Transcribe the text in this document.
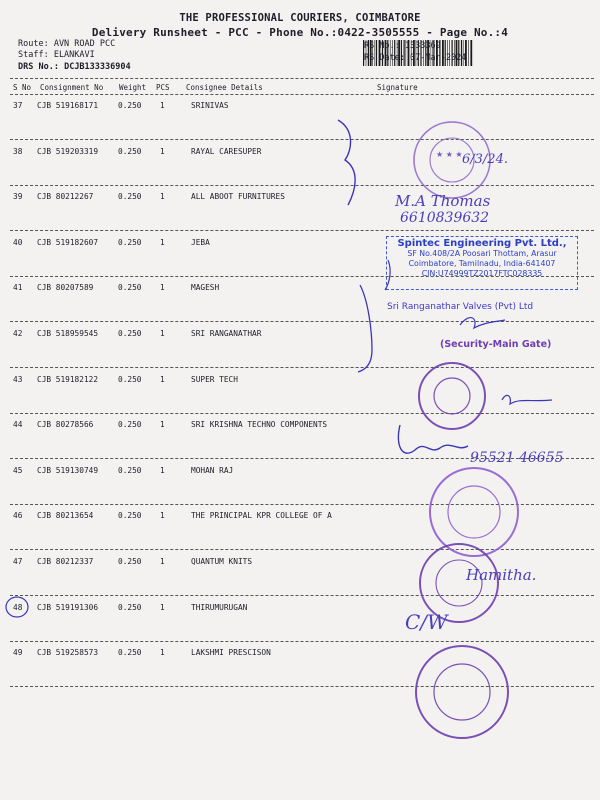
THE PROFESSIONAL COURIERS, COIMBATORE
Delivery Runsheet - PCC - Phone No.:0422-3505555 - Page No.:4
Route: AVN ROAD PCC
Staff: ELANKAVI
DRS No.: DCJB133336904
RS No.: 1333369
RS Date: 07-Mar-2024
S No Consignment No Weight PCS Consignee Details	Signature
37 CJB 519168171	0.250 1	SRINIVAS
38 CJB 519203319	0.250 1	RAYAL CARESUPER
39 CJB 80212267	0.250 1	ALL ABOOT FURNITURES
40 CJB 519182607	0.250 1	JEBA
41 CJB 80207589	0.250 1	MAGESH
42 CJB 518959545	0.250 1	SRI RANGANATHAR
43 CJB 519182122	0.250 1	SUPER TECH
44 CJB 80278566	0.250 1	SRI KRISHNA TECHNO COMPONENTS
45 CJB 519130749	0.250 1	MOHAN RAJ
46 CJB 80213654	0.250 1	THE PRINCIPAL KPR COLLEGE OF A
47 CJB 80212337	0.250 1	QUANTUM KNITS
48 CJB 519191306	0.250 1	THIRUMURUGAN
49 CJB 519258573	0.250 1	LAKSHMI PRESCISON
★ ★ ★ 6/3/24.
M.A Thomas
6610839632
Spintec Engineering Pvt. Ltd.,
SF No.408/2A Poosari Thottam, Arasur
Coimbatore, Tamilnadu, India-641407
CIN:U74999TZ2017FTC028335
Sri Ranganathar Valves (Pvt) Ltd
(Security-Main Gate)
95521 46655
Hamitha.
C/W
